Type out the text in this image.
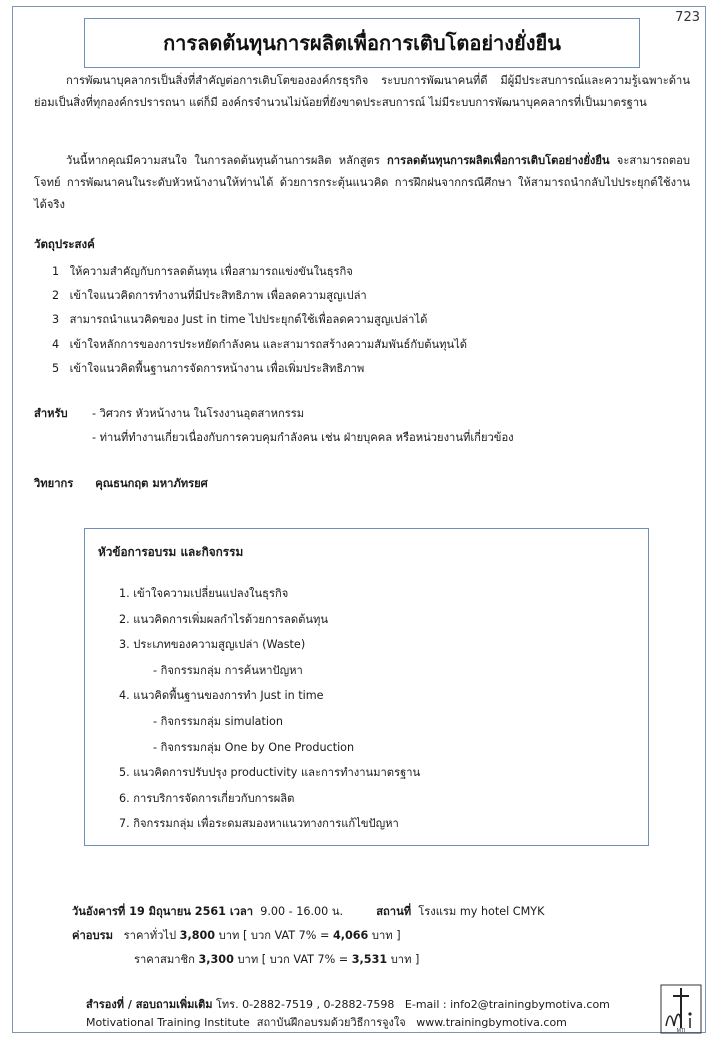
723
การลดต้นทุนการผลิตเพื่อการเติบโตอย่างยั่งยืน

การพัฒนาบุคลากรเป็นสิ่งที่สำคัญต่อการเติบโตขององค์กรธุรกิจ ระบบการพัฒนาคนที่ดี มีผู้มีประสบการณ์และความรู้เฉพาะด้าน ย่อมเป็นสิ่งที่ทุกองค์กรปรารถนา แต่ก็มี องค์กรจำนวนไม่น้อยที่ยังขาดประสบการณ์ ไม่มีระบบการพัฒนาบุคคลากรที่เป็นมาตรฐาน

วันนี้หากคุณมีความสนใจ ในการลดต้นทุนด้านการผลิต หลักสูตร การลดต้นทุนการผลิตเพื่อการเติบโตอย่างยั่งยืน จะสามารถตอบโจทย์ การพัฒนาคนในระดับหัวหน้างานให้ท่านได้ ด้วยการกระตุ้นแนวคิด การฝึกฝนจากกรณีศึกษา ให้สามารถนำกลับไปประยุกต์ใช้งานได้จริง

วัตถุประสงค์

1 ให้ความสำคัญกับการลดต้นทุน เพื่อสามารถแข่งขันในธุรกิจ
2 เข้าใจแนวคิดการทำงานที่มีประสิทธิภาพ เพื่อลดความสูญเปล่า
3 สามารถนำแนวคิดของ Just in time ไปประยุกต์ใช้เพื่อลดความสูญเปล่าได้
4 เข้าใจหลักการของการประหยัดกำลังคน และสามารถสร้างความสัมพันธ์กับต้นทุนได้
5 เข้าใจแนวคิดพื้นฐานการจัดการหน้างาน เพื่อเพิ่มประสิทธิภาพ
สำหรับ	- วิศวกร หัวหน้างาน ในโรงงานอุตสาหกรรม
- ท่านที่ทำงานเกี่ยวเนื่องกับการควบคุมกำลังคน เช่น ฝ่ายบุคคล หรือหน่วยงานที่เกี่ยวข้อง
วิทยากร คุณธนกฤต มหาภัทรยศ

หัวข้อการอบรม และกิจกรรม

1. เข้าใจความเปลี่ยนแปลงในธุรกิจ
2. แนวคิดการเพิ่มผลกำไรด้วยการลดต้นทุน
3. ประเภทของความสูญเปล่า (Waste)
- กิจกรรมกลุ่ม การค้นหาปัญหา
4. แนวคิดพื้นฐานของการทำ Just in time
- กิจกรรมกลุ่ม simulation
- กิจกรรมกลุ่ม One by One Production
5. แนวคิดการปรับปรุง productivity และการทำงานมาตรฐาน
6. การบริการจัดการเกี่ยวกับการผลิต
7. กิจกรรมกลุ่ม เพื่อระดมสมองหาแนวทางการแก้ไขปัญหา
วันอังคารที่ 19 มิถุนายน 2561 เวลา 9.00 - 16.00 น.	สถานที่ โรงแรม my hotel CMYK
ค่าอบรม ราคาทั่วไป 3,800 บาท [ บวก VAT 7% = 4,066 บาท ]
ราคาสมาชิก 3,300 บาท [ บวก VAT 7% = 3,531 บาท ]
สำรองที่ / สอบถามเพิ่มเติม โทร. 0-2882-7519 , 0-2882-7598 E-mail : info2@trainingbymotiva.com
Motivational Training Institute สถาบันฝึกอบรมด้วยวิธีการจูงใจ www.trainingbymotiva.com
MTI
